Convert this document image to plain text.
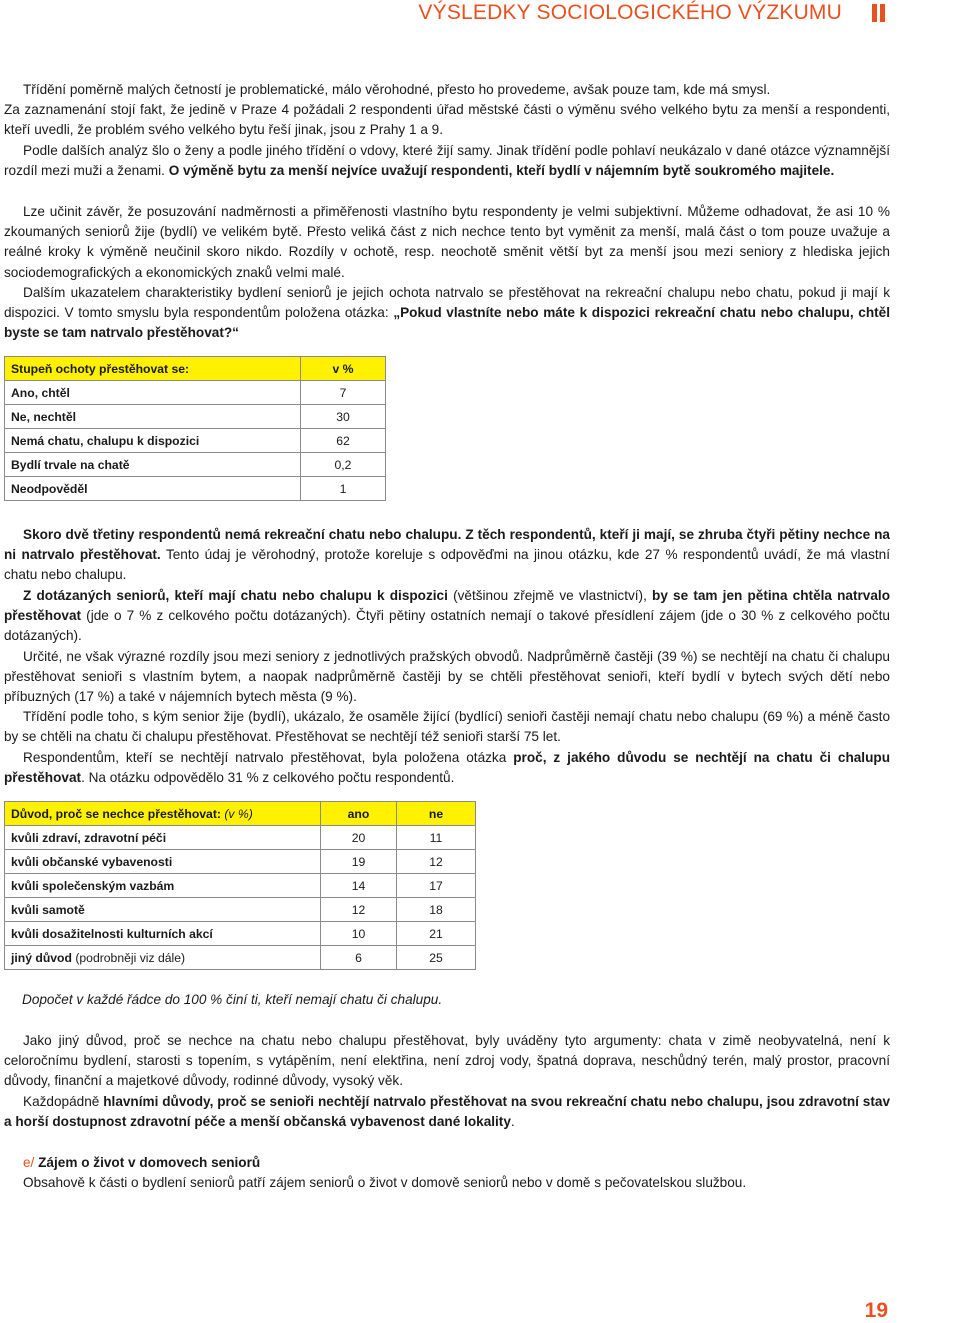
VÝSLEDKY SOCIOLOGICKÉHO VÝZKUMU
Třídění poměrně malých četností je problematické, málo věrohodné, přesto ho provedeme, avšak pouze tam, kde má smysl.
Za zaznamenání stojí fakt, že jedině v Praze 4 požádali 2 respondenti úřad městské části o výměnu svého velkého bytu za menší a respondenti, kteří uvedli, že problém svého velkého bytu řeší jinak, jsou z Prahy 1 a 9.
Podle dalších analýz šlo o ženy a podle jiného třídění o vdovy, které žijí samy. Jinak třídění podle pohlaví neukázalo v dané otázce významnější rozdíl mezi muži a ženami. O výměně bytu za menší nejvíce uvažují respondenti, kteří bydlí v nájemním bytě soukromého majitele.
Lze učinit závěr, že posuzování nadměrnosti a přiměřenosti vlastního bytu respondenty je velmi subjektivní. Můžeme odhadovat, že asi 10 % zkoumaných seniorů žije (bydlí) ve velikém bytě. Přesto veliká část z nich nechce tento byt vyměnit za menší, malá část o tom pouze uvažuje a reálné kroky k výměně neučinil skoro nikdo. Rozdíly v ochotě, resp. neochotě směnit větší byt za menší jsou mezi seniory z hlediska jejich sociodemografických a ekonomických znaků velmi malé.
Dalším ukazatelem charakteristiky bydlení seniorů je jejich ochota natrvalo se přestěhovat na rekreační chalupu nebo chatu, pokud ji mají k dispozici. V tomto smyslu byla respondentům položena otázka: „Pokud vlastníte nebo máte k dispozici rekreační chatu nebo chalupu, chtěl byste se tam natrvalo přestěhovat?“
Stupeň ochoty přestěhovat se:	v %
Ano, chtěl	7
Ne, nechtěl	30
Nemá chatu, chalupu k dispozici	62
Bydlí trvale na chatě	0,2
Neodpověděl	1
Skoro dvě třetiny respondentů nemá rekreační chatu nebo chalupu. Z těch respondentů, kteří ji mají, se zhruba čtyři pětiny nechce na ni natrvalo přestěhovat. Tento údaj je věrohodný, protože koreluje s odpověďmi na jinou otázku, kde 27 % respondentů uvádí, že má vlastní chatu nebo chalupu.
Z dotázaných seniorů, kteří mají chatu nebo chalupu k dispozici (většinou zřejmě ve vlastnictví), by se tam jen pětina chtěla natrvalo přestěhovat (jde o 7 % z celkového počtu dotázaných). Čtyři pětiny ostatních nemají o takové přesídlení zájem (jde o 30 % z celkového počtu dotázaných).
Určité, ne však výrazné rozdíly jsou mezi seniory z jednotlivých pražských obvodů. Nadprůměrně častěji (39 %) se nechtějí na chatu či chalupu přestěhovat senioři s vlastním bytem, a naopak nadprůměrně častěji by se chtěli přestěhovat senioři, kteří bydlí v bytech svých dětí nebo příbuzných (17 %) a také v nájemních bytech města (9 %).
Třídění podle toho, s kým senior žije (bydlí), ukázalo, že osaměle žijící (bydlící) senioři častěji nemají chatu nebo chalupu (69 %) a méně často by se chtěli na chatu či chalupu přestěhovat. Přestěhovat se nechtějí též senioři starší 75 let.
Respondentům, kteří se nechtějí natrvalo přestěhovat, byla položena otázka proč, z jakého důvodu se nechtějí na chatu či chalupu přestěhovat. Na otázku odpovědělo 31 % z celkového počtu respondentů.
Důvod, proč se nechce přestěhovat: (v %)	ano	ne
kvůli zdraví, zdravotní péči	20	11
kvůli občanské vybavenosti	19	12
kvůli společenským vazbám	14	17
kvůli samotě	12	18
kvůli dosažitelnosti kulturních akcí	10	21
jiný důvod (podrobněji viz dále)	6	25
Dopočet v každé řádce do 100 % činí ti, kteří nemají chatu či chalupu.
Jako jiný důvod, proč se nechce na chatu nebo chalupu přestěhovat, byly uváděny tyto argumenty: chata v zimě neobyvatelná, není k celoročnímu bydlení, starosti s topením, s vytápěním, není elektřina, není zdroj vody, špatná doprava, neschůdný terén, malý prostor, pracovní důvody, finanční a majetkové důvody, rodinné důvody, vysoký věk.
Každopádně hlavními důvody, proč se senioři nechtějí natrvalo přestěhovat na svou rekreační chatu nebo chalupu, jsou zdravotní stav a horší dostupnost zdravotní péče a menší občanská vybavenost dané lokality.
e/ Zájem o život v domovech seniorů
Obsahově k části o bydlení seniorů patří zájem seniorů o život v domově seniorů nebo v domě s pečovatelskou službou.
19
